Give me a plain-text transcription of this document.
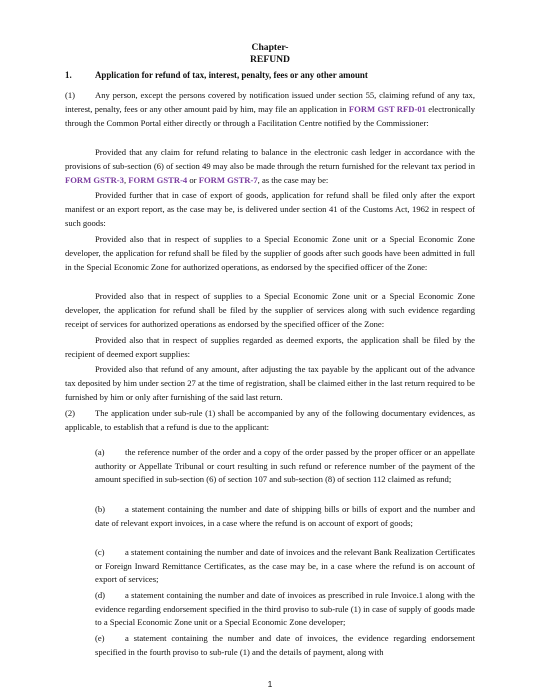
Chapter-
REFUND
1.	Application for refund of tax, interest, penalty, fees or any other amount

(1) Any person, except the persons covered by notification issued under section 55, claiming refund of any tax, interest, penalty, fees or any other amount paid by him, may file an application in FORM GST RFD-01 electronically through the Common Portal either directly or through a Facilitation Centre notified by the Commissioner:

Provided that any claim for refund relating to balance in the electronic cash ledger in accordance with the provisions of sub-section (6) of section 49 may also be made through the return furnished for the relevant tax period in FORM GSTR-3, FORM GSTR-4 or FORM GSTR-7, as the case may be:

Provided further that in case of export of goods, application for refund shall be filed only after the export manifest or an export report, as the case may be, is delivered under section 41 of the Customs Act, 1962 in respect of such goods:

Provided also that in respect of supplies to a Special Economic Zone unit or a Special Economic Zone developer, the application for refund shall be filed by the supplier of goods after such goods have been admitted in full in the Special Economic Zone for authorized operations, as endorsed by the specified officer of the Zone:

Provided also that in respect of supplies to a Special Economic Zone unit or a Special Economic Zone developer, the application for refund shall be filed by the supplier of services along with such evidence regarding receipt of services for authorized operations as endorsed by the specified officer of the Zone:

Provided also that in respect of supplies regarded as deemed exports, the application shall be filed by the recipient of deemed export supplies:

Provided also that refund of any amount, after adjusting the tax payable by the applicant out of the advance tax deposited by him under section 27 at the time of registration, shall be claimed either in the last return required to be furnished by him or only after furnishing of the said last return.

(2) The application under sub-rule (1) shall be accompanied by any of the following documentary evidences, as applicable, to establish that a refund is due to the applicant:

(a) the reference number of the order and a copy of the order passed by the proper officer or an appellate authority or Appellate Tribunal or court resulting in such refund or reference number of the payment of the amount specified in sub-section (6) of section 107 and sub-section (8) of section 112 claimed as refund;

(b) a statement containing the number and date of shipping bills or bills of export and the number and date of relevant export invoices, in a case where the refund is on account of export of goods;

(c) a statement containing the number and date of invoices and the relevant Bank Realization Certificates or Foreign Inward Remittance Certificates, as the case may be, in a case where the refund is on account of export of services;

(d) a statement containing the number and date of invoices as prescribed in rule Invoice.1 along with the evidence regarding endorsement specified in the third proviso to sub-rule (1) in case of supply of goods made to a Special Economic Zone unit or a Special Economic Zone developer;

(e) a statement containing the number and date of invoices, the evidence regarding endorsement specified in the fourth proviso to sub-rule (1) and the details of payment, along with

1
